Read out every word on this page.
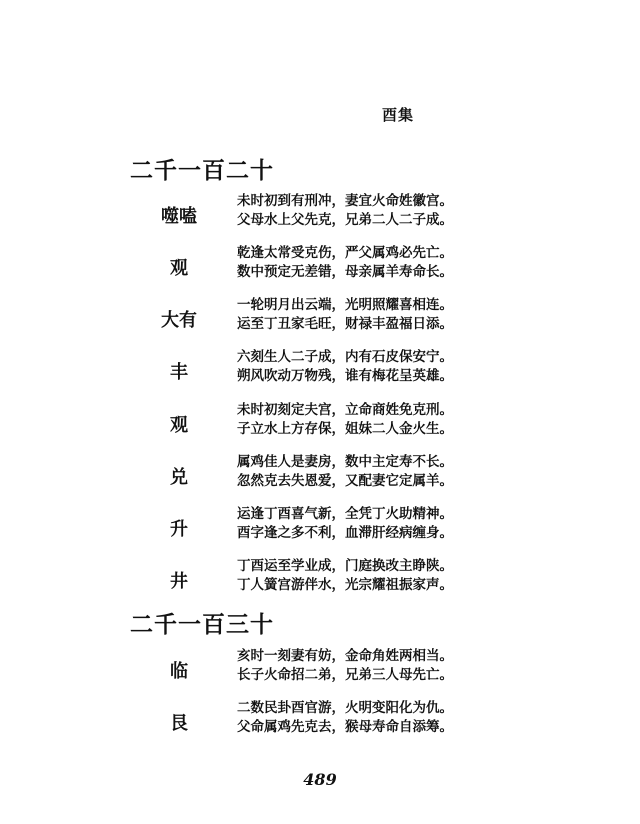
酉集
二千一百二十
噬嗑
未时初到有刑冲，妻宜火命姓徽宫。
父母水上父先克，兄弟二人二子成。
观
乾逢太常受克伤，严父属鸡必先亡。
数中预定无差错，母亲属羊寿命长。
大有
一轮明月出云端，光明照耀喜相连。
运至丁丑家毛旺，财禄丰盈福日添。
丰
六刻生人二子成，内有石皮保安宁。
朔风吹动万物残，谁有梅花呈英雄。
观
未时初刻定夫宫，立命商姓免克刑。
子立水上方存保，姐妹二人金火生。
兑
属鸡佳人是妻房，数中主定寿不长。
忽然克去失恩爱，又配妻它定属羊。
升
运逢丁酉喜气新，全凭丁火助精神。
酉字逢之多不利，血滞肝经病缠身。
井
丁酉运至学业成，门庭换改主睁陕。
丁人簧宫游伴水，光宗耀祖振家声。
二千一百三十
临
亥时一刻妻有妨，金命角姓两相当。
长子火命招二弟，兄弟三人母先亡。
艮
二数民卦酉官游，火明变阳化为仇。
父命属鸡先克去，猴母寿命自添筹。
489
